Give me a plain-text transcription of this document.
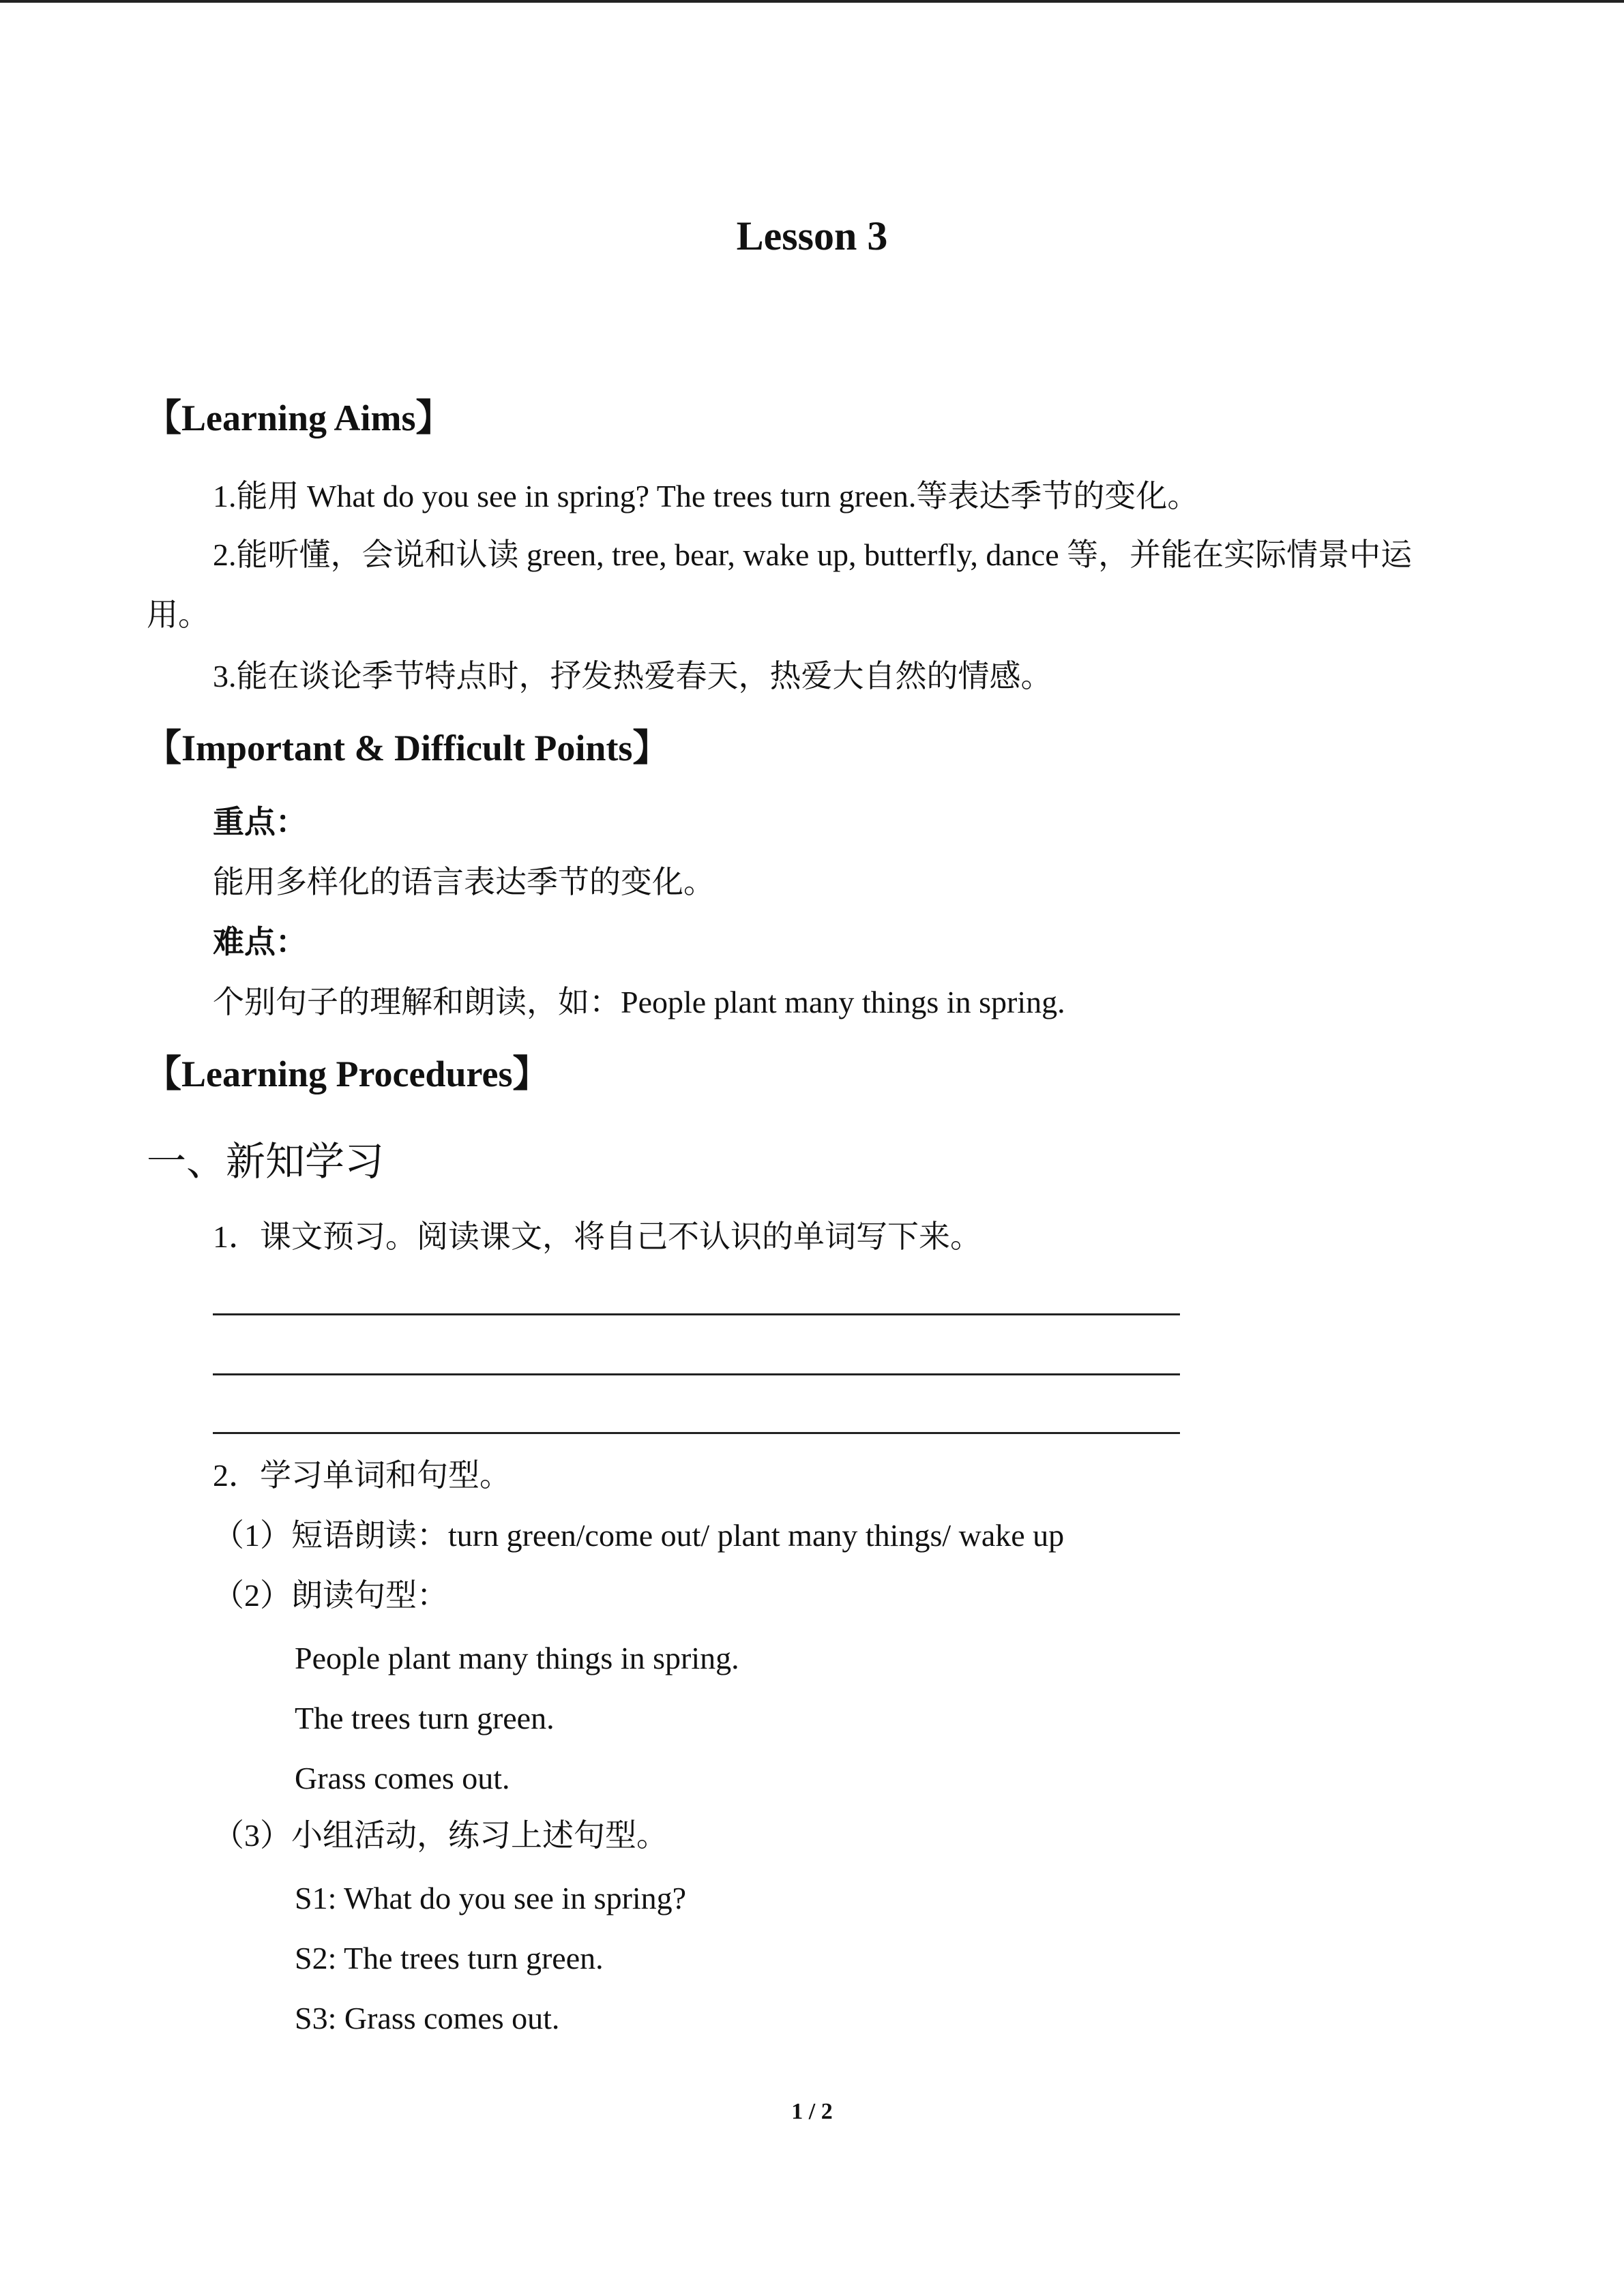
Lesson 3
【Learning Aims】
1.能用 What do you see in spring? The trees turn green.等表达季节的变化。
2.能听懂，会说和认读 green, tree, bear, wake up, butterfly, dance 等，并能在实际情景中运
用。
3.能在谈论季节特点时，抒发热爱春天，热爱大自然的情感。
【Important & Difficult Points】
重点：
能用多样化的语言表达季节的变化。
难点：
个别句子的理解和朗读，如：People plant many things in spring.
【Learning Procedures】
一、新知学习
1．课文预习。阅读课文，将自己不认识的单词写下来。
2．学习单词和句型。
（1）短语朗读：turn green/come out/ plant many things/ wake up
（2）朗读句型：
People plant many things in spring.
The trees turn green.
Grass comes out.
（3）小组活动，练习上述句型。
S1: What do you see in spring?
S2: The trees turn green.
S3: Grass comes out.
1 / 2
